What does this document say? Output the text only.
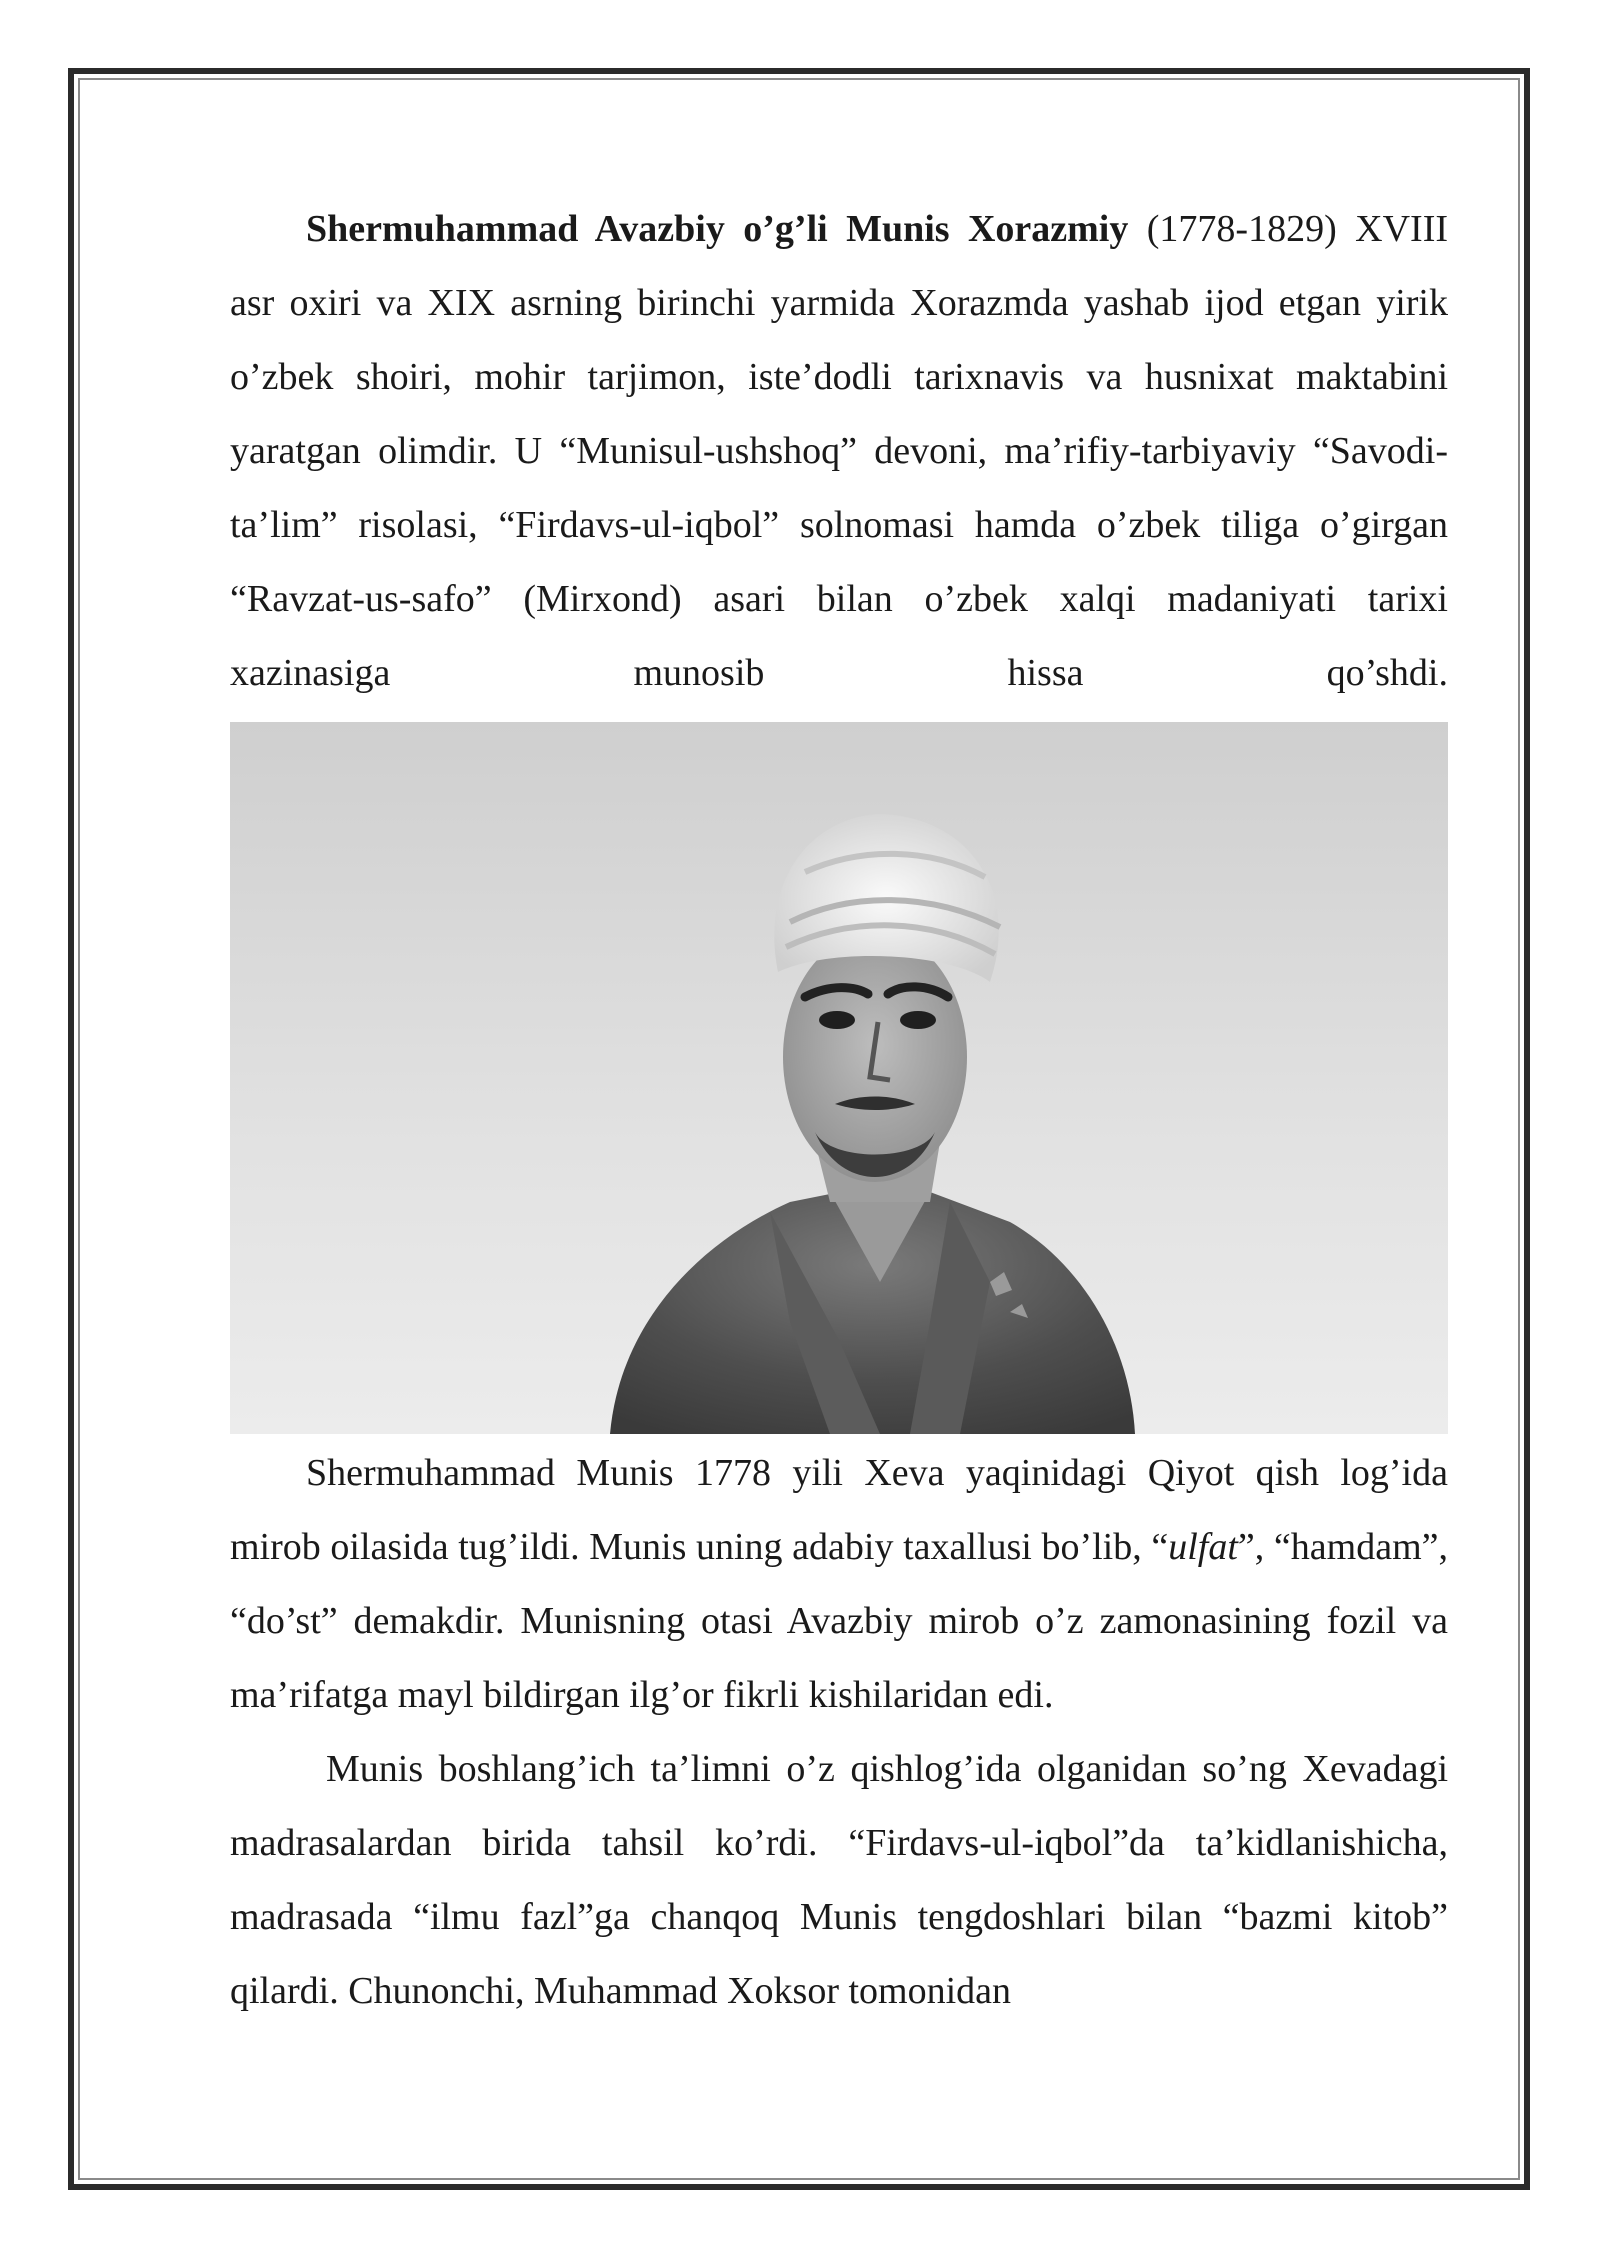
Shermuhammad Avazbiy o’g’li Munis Xorazmiy (1778-1829) XVIII asr oxiri va XIX asrning birinchi yarmida Xorazmda yashab ijod etgan yirik o’zbek shoiri, mohir tarjimon, iste’dodli tarixnavis va husnixat maktabini yaratgan olimdir. U “Munisul-ushshoq” devoni, ma’rifiy-tarbiyaviy “Savodi-ta’lim” risolasi, “Firdavs-ul-iqbol” solnomasi hamda o’zbek tiliga o’girgan “Ravzat-us-safo” (Mirxond) asari bilan o’zbek xalqi madaniyati tarixi xazinasiga munosib hissa qo’shdi.

Shermuhammad Munis 1778 yili Xeva yaqinidagi Qiyot qish log’ida mirob oilasida tug’ildi. Munis uning adabiy taxallusi bo’lib, “ulfat”, “hamdam”, “do’st” demakdir. Munisning otasi Avazbiy mirob o’z zamonasining fozil va ma’rifatga mayl bildirgan ilg’or fikrli kishilaridan edi.

Munis boshlang’ich ta’limni o’z qishlog’ida olganidan so’ng Xevadagi madrasalardan birida tahsil ko’rdi. “Firdavs-ul-iqbol”da ta’kidlanishicha, madrasada “ilmu fazl”ga chanqoq Munis tengdoshlari bilan “bazmi kitob” qilardi. Chunonchi, Muhammad Xoksor tomonidan
